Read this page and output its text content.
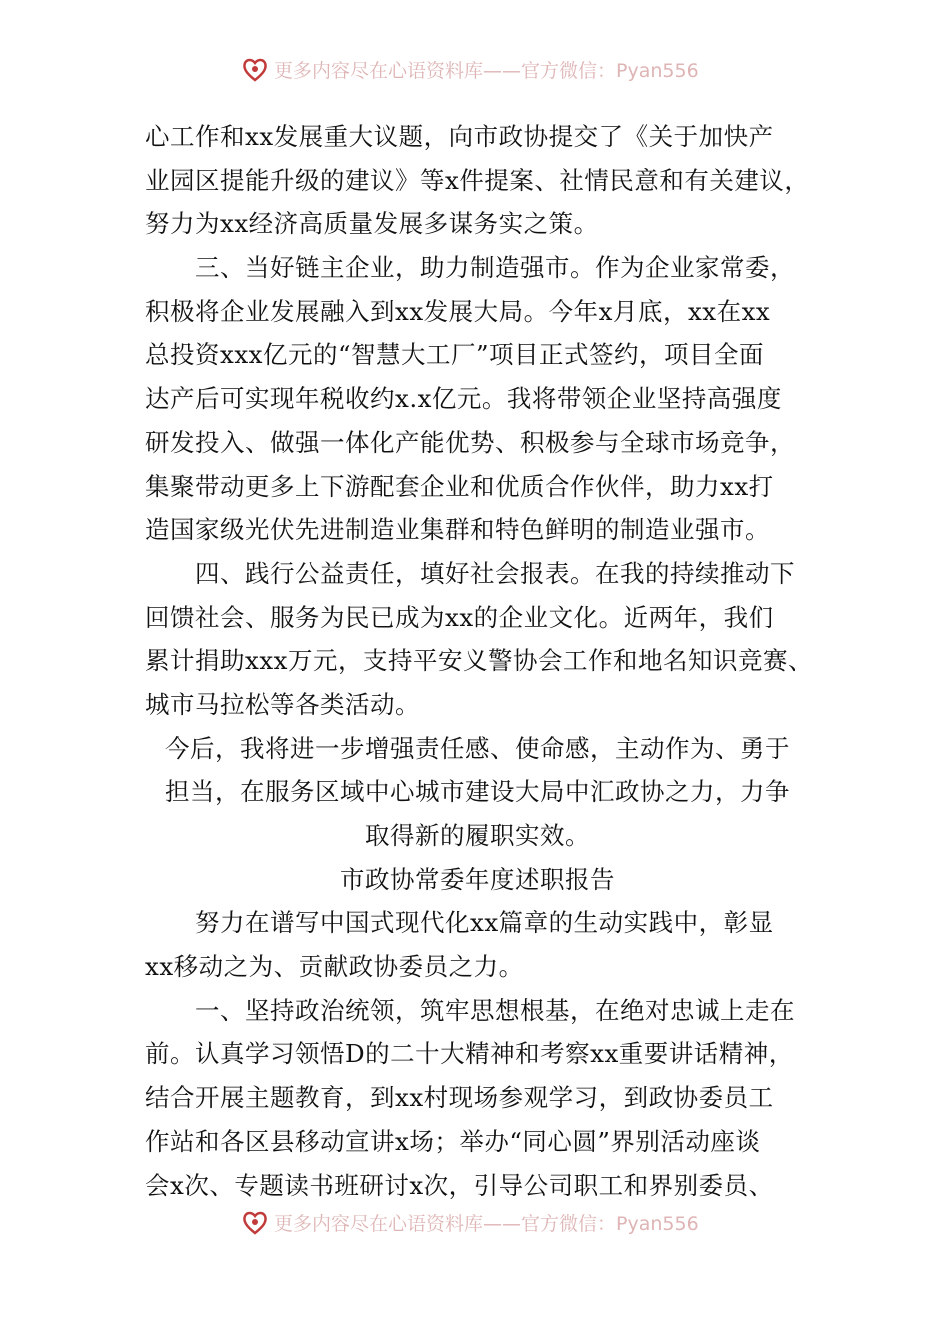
更多内容尽在心语资料库——官方微信：Pyan556
心工作和xx发展重大议题，向市政协提交了《关于加快产
业园区提能升级的建议》等x件提案、社情民意和有关建议，
努力为xx经济高质量发展多谋务实之策。
　　三、当好链主企业，助力制造强市。作为企业家常委，
积极将企业发展融入到xx发展大局。今年x月底，xx在xx
总投资xxx亿元的“智慧大工厂”项目正式签约，项目全面
达产后可实现年税收约x.x亿元。我将带领企业坚持高强度
研发投入、做强一体化产能优势、积极参与全球市场竞争，
集聚带动更多上下游配套企业和优质合作伙伴，助力xx打
造国家级光伏先进制造业集群和特色鲜明的制造业强市。
　　四、践行公益责任，填好社会报表。在我的持续推动下
回馈社会、服务为民已成为xx的企业文化。近两年，我们
累计捐助xxx万元，支持平安义警协会工作和地名知识竞赛、
城市马拉松等各类活动。
今后，我将进一步增强责任感、使命感，主动作为、勇于
担当，在服务区域中心城市建设大局中汇政协之力，力争
取得新的履职实效。
市政协常委年度述职报告
　　努力在谱写中国式现代化xx篇章的生动实践中，彰显
xx移动之为、贡献政协委员之力。
　　一、坚持政治统领，筑牢思想根基，在绝对忠诚上走在
前。认真学习领悟D的二十大精神和考察xx重要讲话精神，
结合开展主题教育，到xx村现场参观学习，到政协委员工
作站和各区县移动宣讲x场；举办“同心圆”界别活动座谈
会x次、专题读书班研讨x次，引导公司职工和界别委员、
更多内容尽在心语资料库——官方微信：Pyan556
